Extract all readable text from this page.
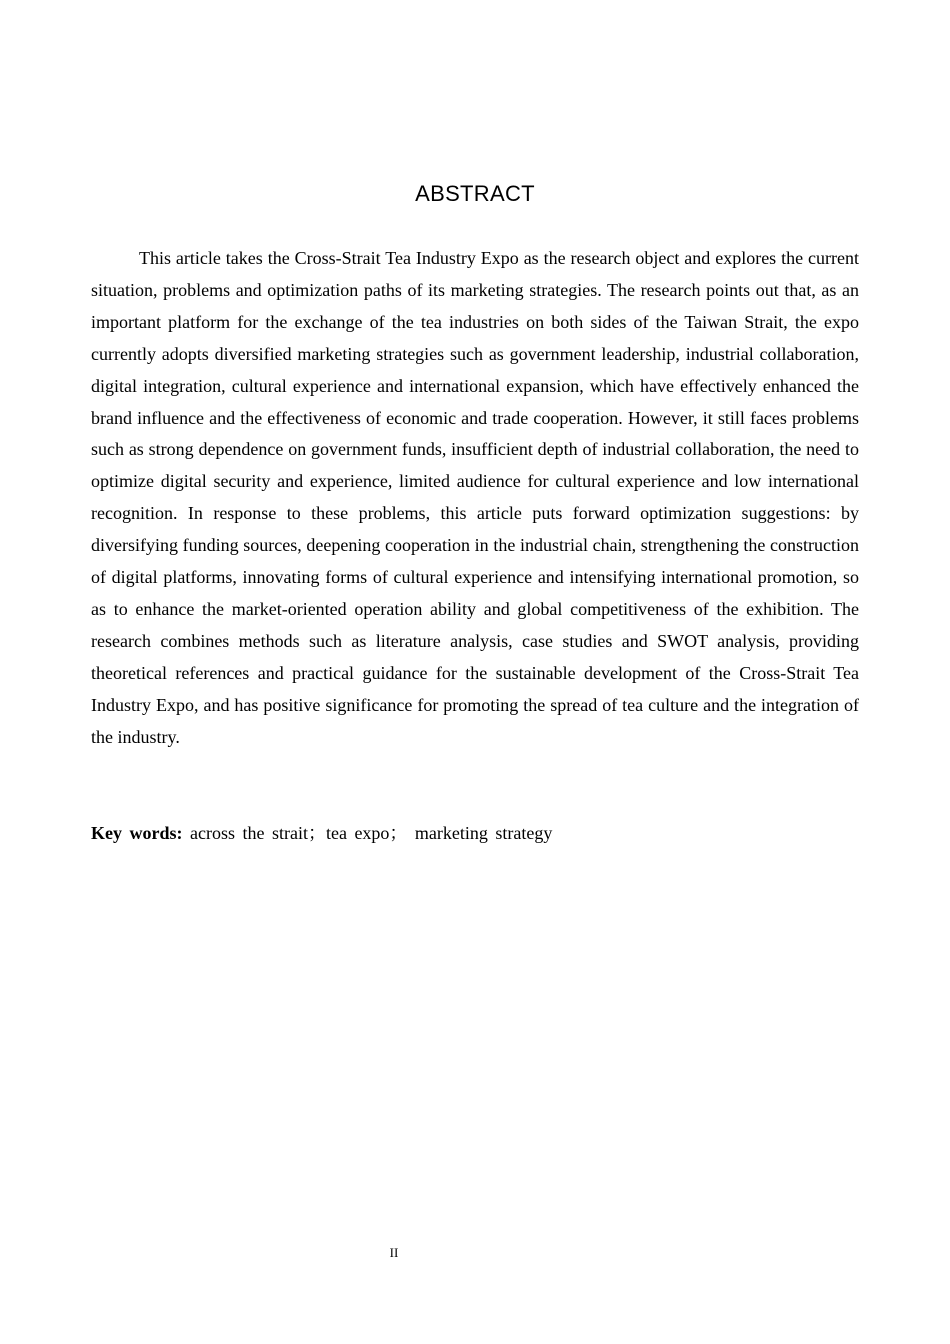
ABSTRACT

This article takes the Cross-Strait Tea Industry Expo as the research object and explores the current situation, problems and optimization paths of its marketing strategies. The research points out that, as an important platform for the exchange of the tea industries on both sides of the Taiwan Strait, the expo currently adopts diversified marketing strategies such as government leadership, industrial collaboration, digital integration, cultural experience and international expansion, which have effectively enhanced the brand influence and the effectiveness of economic and trade cooperation. However, it still faces problems such as strong dependence on government funds, insufficient depth of industrial collaboration, the need to optimize digital security and experience, limited audience for cultural experience and low international recognition. In response to these problems, this article puts forward optimization suggestions: by diversifying funding sources, deepening cooperation in the industrial chain, strengthening the construction of digital platforms, innovating forms of cultural experience and intensifying international promotion, so as to enhance the market-oriented operation ability and global competitiveness of the exhibition. The research combines methods such as literature analysis, case studies and SWOT analysis, providing theoretical references and practical guidance for the sustainable development of the Cross-Strait Tea Industry Expo, and has positive significance for promoting the spread of tea culture and the integration of the industry.

Key words: across the strait；tea expo； marketing strategy

II
